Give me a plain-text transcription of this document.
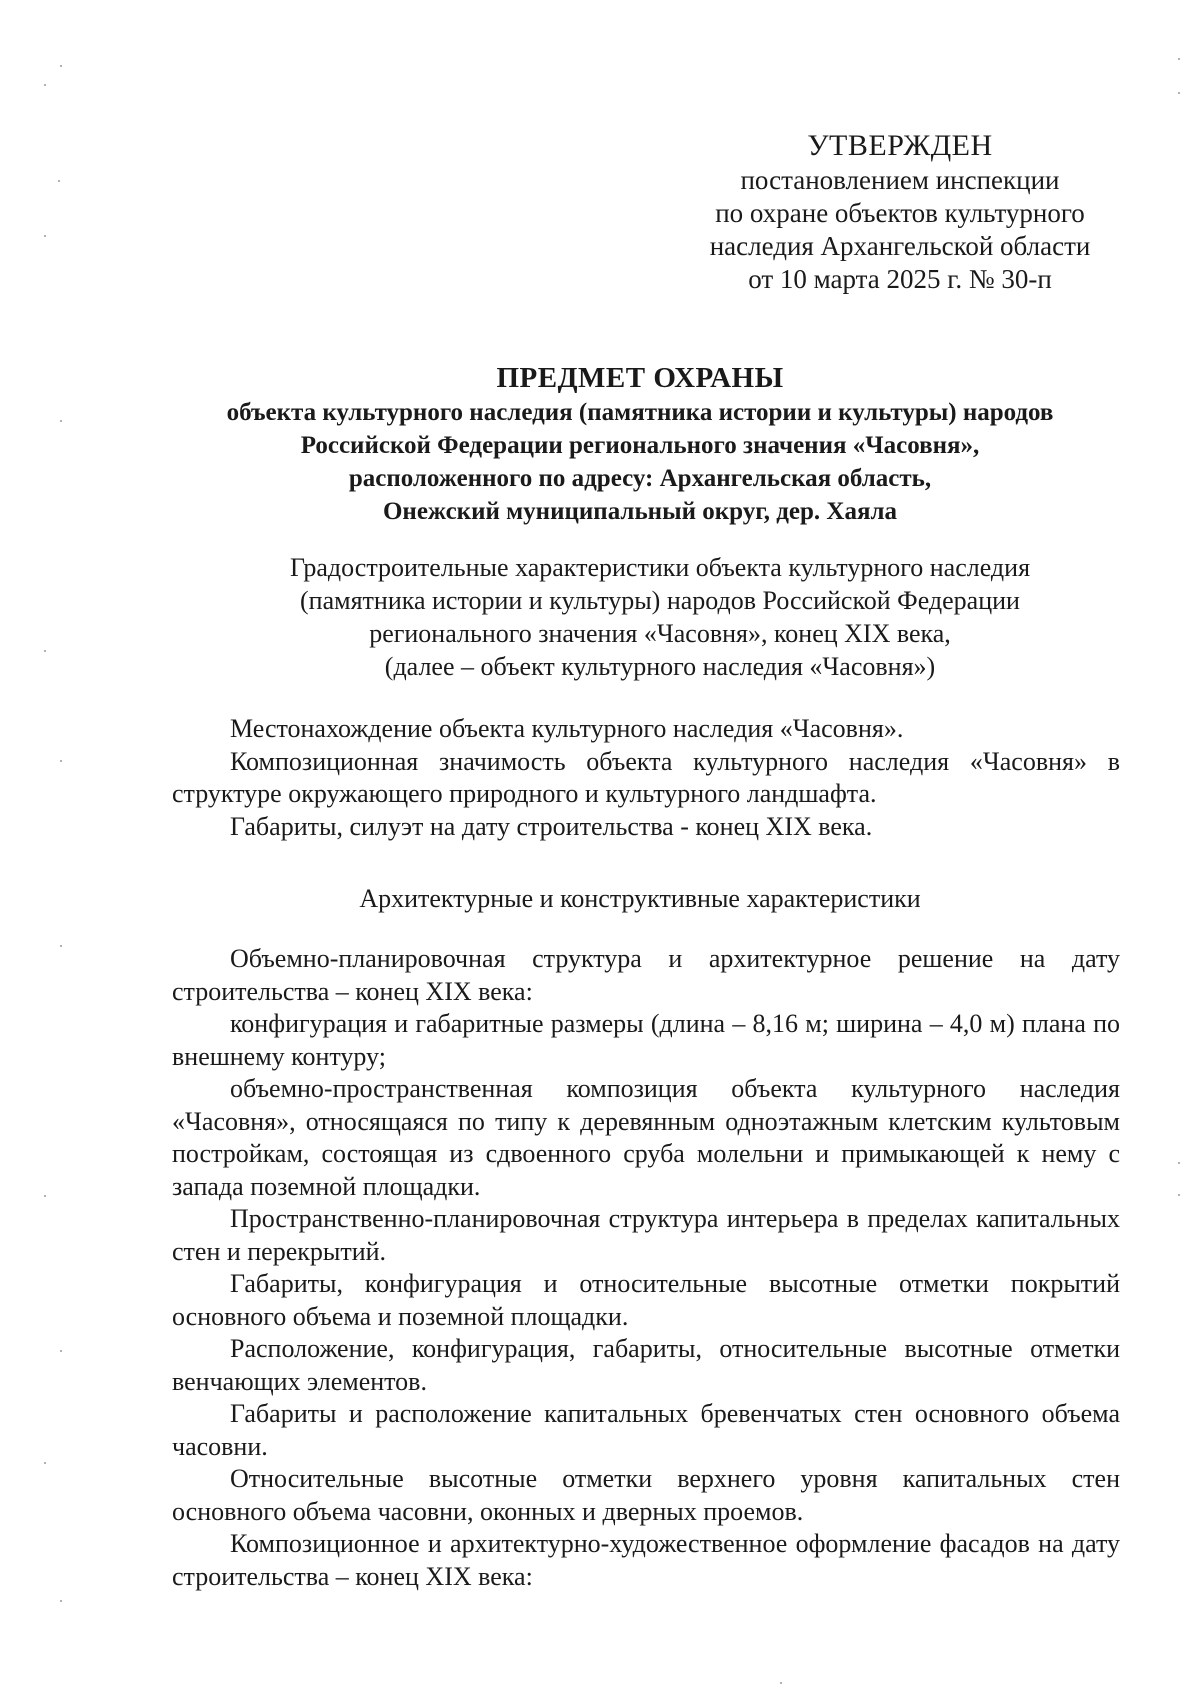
УТВЕРЖДЕН
постановлением инспекции
по охране объектов культурного
наследия Архангельской области
от 10 марта 2025 г. № 30-п
ПРЕДМЕТ ОХРАНЫ
объекта культурного наследия (памятника истории и культуры) народов
Российской Федерации регионального значения «Часовня»,
расположенного по адресу: Архангельская область,
Онежский муниципальный округ, дер. Хаяла
Градостроительные характеристики объекта культурного наследия
(памятника истории и культуры) народов Российской Федерации
регионального значения «Часовня», конец XIX века,
(далее – объект культурного наследия «Часовня»)

Местонахождение объекта культурного наследия «Часовня».

Композиционная значимость объекта культурного наследия «Часовня» в структуре окружающего природного и культурного ландшафта.

Габариты, силуэт на дату строительства - конец XIX века.

Архитектурные и конструктивные характеристики

Объемно-планировочная структура и архитектурное решение на дату строительства – конец XIX века:

конфигурация и габаритные размеры (длина – 8,16 м; ширина – 4,0 м) плана по внешнему контуру;

объемно-пространственная композиция объекта культурного наследия «Часовня», относящаяся по типу к деревянным одноэтажным клетским культовым постройкам, состоящая из сдвоенного сруба молельни и примыкающей к нему с запада поземной площадки.

Пространственно-планировочная структура интерьера в пределах капитальных стен и перекрытий.

Габариты, конфигурация и относительные высотные отметки покрытий основного объема и поземной площадки.

Расположение, конфигурация, габариты, относительные высотные отметки венчающих элементов.

Габариты и расположение капитальных бревенчатых стен основного объема часовни.

Относительные высотные отметки верхнего уровня капитальных стен основного объема часовни, оконных и дверных проемов.

Композиционное и архитектурно-художественное оформление фасадов на дату строительства – конец XIX века:
